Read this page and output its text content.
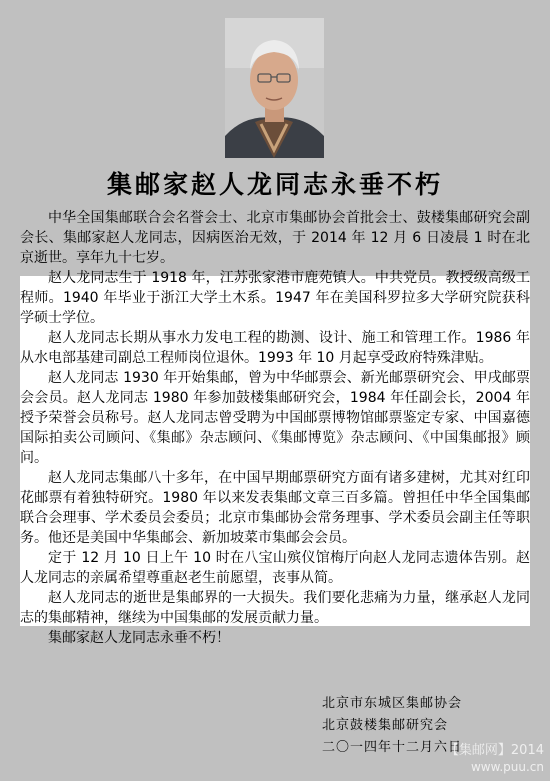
集邮家赵人龙同志永垂不朽

中华全国集邮联合会名誉会士、北京市集邮协会首批会士、鼓楼集邮研究会副会长、集邮家赵人龙同志，因病医治无效，于 2014 年 12 月 6 日凌晨 1 时在北京逝世。享年九十七岁。

赵人龙同志生于 1918 年，江苏张家港市鹿苑镇人。中共党员。教授级高级工程师。1940 年毕业于浙江大学土木系。1947 年在美国科罗拉多大学研究院获科学硕士学位。

赵人龙同志长期从事水力发电工程的勘测、设计、施工和管理工作。1986 年从水电部基建司副总工程师岗位退休。1993 年 10 月起享受政府特殊津贴。

赵人龙同志 1930 年开始集邮，曾为中华邮票会、新光邮票研究会、甲戌邮票会会员。赵人龙同志 1980 年参加鼓楼集邮研究会，1984 年任副会长，2004 年授予荣誉会员称号。赵人龙同志曾受聘为中国邮票博物馆邮票鉴定专家、中国嘉德国际拍卖公司顾问、《集邮》杂志顾问、《集邮博览》杂志顾问、《中国集邮报》顾问。

赵人龙同志集邮八十多年，在中国早期邮票研究方面有诸多建树，尤其对红印花邮票有着独特研究。1980 年以来发表集邮文章三百多篇。曾担任中华全国集邮联合会理事、学术委员会委员；北京市集邮协会常务理事、学术委员会副主任等职务。他还是美国中华集邮会、新加坡菜市集邮会会员。

定于 12 月 10 日上午 10 时在八宝山殡仪馆梅厅向赵人龙同志遗体告别。赵人龙同志的亲属希望尊重赵老生前愿望，丧事从简。

赵人龙同志的逝世是集邮界的一大损失。我们要化悲痛为力量，继承赵人龙同志的集邮精神，继续为中国集邮的发展贡献力量。

集邮家赵人龙同志永垂不朽！

北京市东城区集邮协会
北京鼓楼集邮研究会
二〇一四年十二月六日
【集邮网】2014
www.puu.cn
